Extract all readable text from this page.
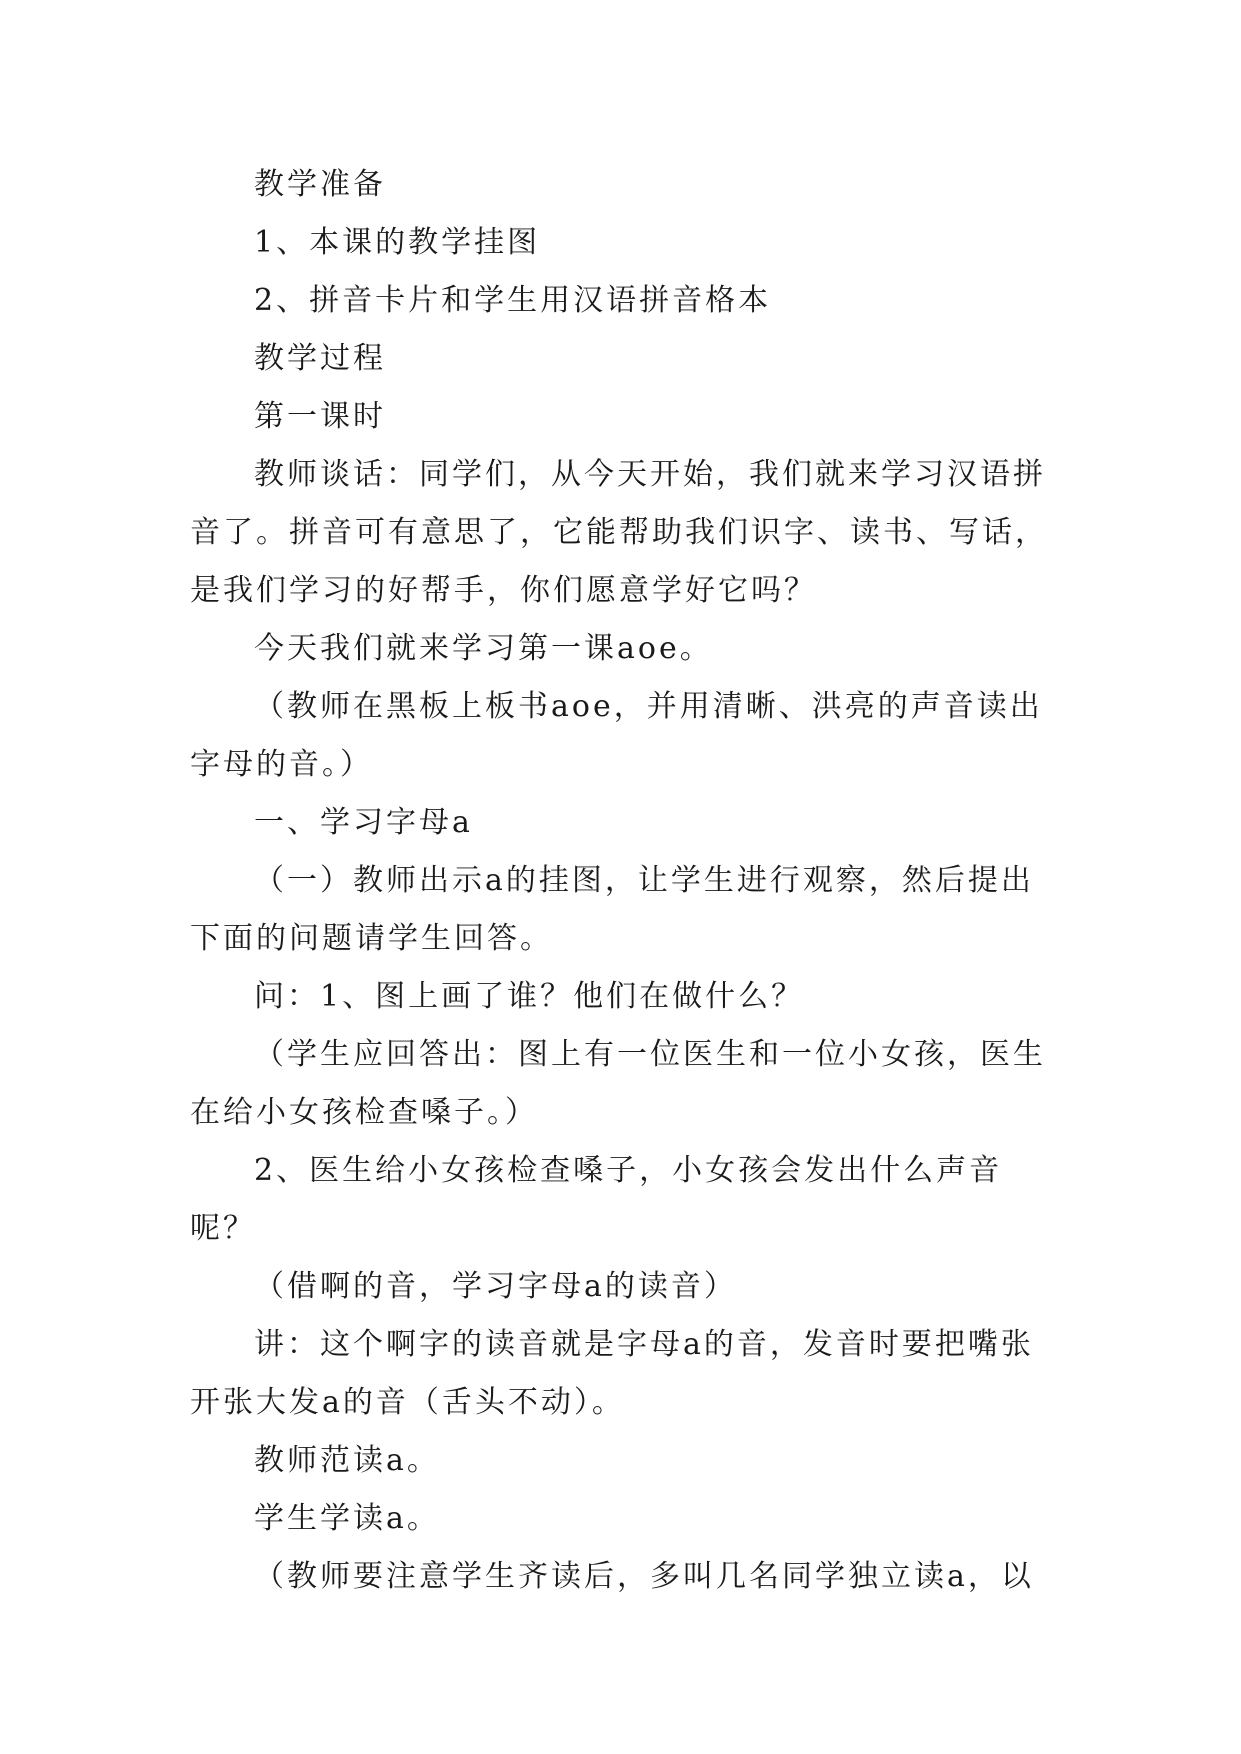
教学准备

1、本课的教学挂图

2、拼音卡片和学生用汉语拼音格本

教学过程

第一课时

教师谈话：同学们，从今天开始，我们就来学习汉语拼音了。拼音可有意思了，它能帮助我们识字、读书、写话，是我们学习的好帮手，你们愿意学好它吗？

今天我们就来学习第一课aoe。

（教师在黑板上板书aoe，并用清晰、洪亮的声音读出字母的音。）

一、学习字母a

（一）教师出示a的挂图，让学生进行观察，然后提出下面的问题请学生回答。

问：1、图上画了谁？他们在做什么？

（学生应回答出：图上有一位医生和一位小女孩，医生在给小女孩检查嗓子。）

2、医生给小女孩检查嗓子，小女孩会发出什么声音呢？

（借啊的音，学习字母a的读音）

讲：这个啊字的读音就是字母a的音，发音时要把嘴张开张大发a的音（舌头不动）。

教师范读a。

学生学读a。

（教师要注意学生齐读后，多叫几名同学独立读a，以
